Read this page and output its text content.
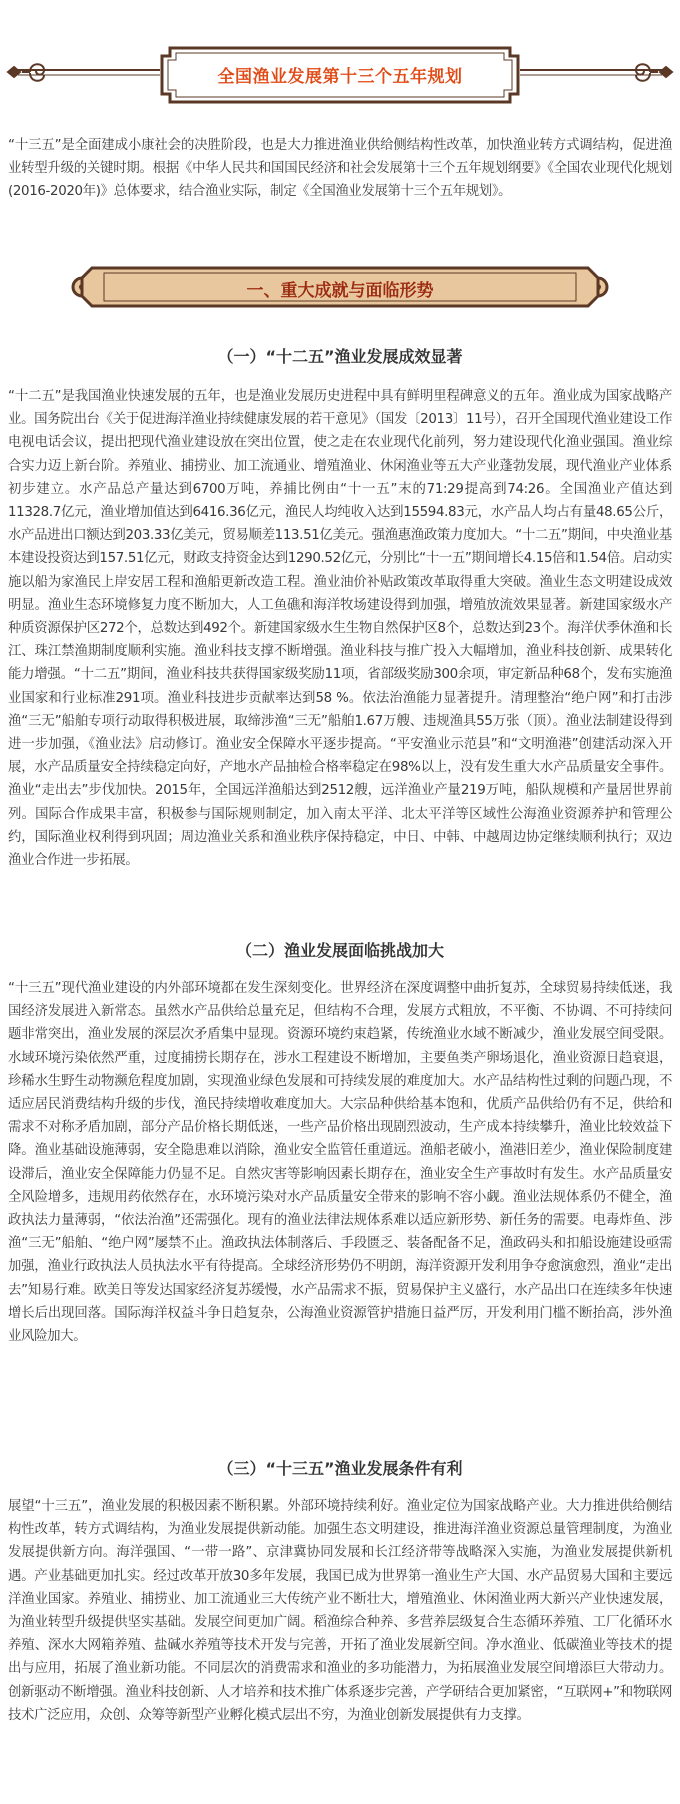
全国渔业发展第十三个五年规划

“十三五”是全面建成小康社会的决胜阶段，也是大力推进渔业供给侧结构性改革，加快渔业转方式调结构，促进渔业转型升级的关键时期。根据《中华人民共和国国民经济和社会发展第十三个五年规划纲要》《全国农业现代化规划(2016-2020年)》总体要求，结合渔业实际，制定《全国渔业发展第十三个五年规划》。

一、重大成就与面临形势
（一）“十二五”渔业发展成效显著

“十二五”是我国渔业快速发展的五年，也是渔业发展历史进程中具有鲜明里程碑意义的五年。渔业成为国家战略产业。国务院出台《关于促进海洋渔业持续健康发展的若干意见》（国发〔2013〕11号），召开全国现代渔业建设工作电视电话会议，提出把现代渔业建设放在突出位置，使之走在农业现代化前列，努力建设现代化渔业强国。渔业综合实力迈上新台阶。养殖业、捕捞业、加工流通业、增殖渔业、休闲渔业等五大产业蓬勃发展，现代渔业产业体系初步建立。水产品总产量达到6700万吨，养捕比例由“十一五”末的71:29提高到74:26。全国渔业产值达到11328.7亿元，渔业增加值达到6416.36亿元，渔民人均纯收入达到15594.83元，水产品人均占有量48.65公斤，水产品进出口额达到203.33亿美元，贸易顺差113.51亿美元。强渔惠渔政策力度加大。“十二五”期间，中央渔业基本建设投资达到157.51亿元，财政支持资金达到1290.52亿元，分别比“十一五”期间增长4.15倍和1.54倍。启动实施以船为家渔民上岸安居工程和渔船更新改造工程。渔业油价补贴政策改革取得重大突破。渔业生态文明建设成效明显。渔业生态环境修复力度不断加大，人工鱼礁和海洋牧场建设得到加强，增殖放流效果显著。新建国家级水产种质资源保护区272个，总数达到492个。新建国家级水生生物自然保护区8个，总数达到23个。海洋伏季休渔和长江、珠江禁渔期制度顺利实施。渔业科技支撑不断增强。渔业科技与推广投入大幅增加，渔业科技创新、成果转化能力增强。“十二五”期间，渔业科技共获得国家级奖励11项，省部级奖励300余项，审定新品种68个，发布实施渔业国家和行业标准291项。渔业科技进步贡献率达到58 %。依法治渔能力显著提升。清理整治“绝户网”和打击涉渔“三无”船舶专项行动取得积极进展，取缔涉渔“三无”船舶1.67万艘、违规渔具55万张（顶）。渔业法制建设得到进一步加强，《渔业法》启动修订。渔业安全保障水平逐步提高。“平安渔业示范县”和“文明渔港”创建活动深入开展，水产品质量安全持续稳定向好，产地水产品抽检合格率稳定在98%以上，没有发生重大水产品质量安全事件。渔业“走出去”步伐加快。2015年，全国远洋渔船达到2512艘，远洋渔业产量219万吨，船队规模和产量居世界前列。国际合作成果丰富，积极参与国际规则制定，加入南太平洋、北太平洋等区域性公海渔业资源养护和管理公约，国际渔业权利得到巩固；周边渔业关系和渔业秩序保持稳定，中日、中韩、中越周边协定继续顺利执行；双边渔业合作进一步拓展。

（二）渔业发展面临挑战加大

“十三五”现代渔业建设的内外部环境都在发生深刻变化。世界经济在深度调整中曲折复苏，全球贸易持续低迷，我国经济发展进入新常态。虽然水产品供给总量充足，但结构不合理，发展方式粗放，不平衡、不协调、不可持续问题非常突出，渔业发展的深层次矛盾集中显现。资源环境约束趋紧，传统渔业水域不断减少，渔业发展空间受限。水域环境污染依然严重，过度捕捞长期存在，涉水工程建设不断增加，主要鱼类产卵场退化，渔业资源日趋衰退，珍稀水生野生动物濒危程度加剧，实现渔业绿色发展和可持续发展的难度加大。水产品结构性过剩的问题凸现，不适应居民消费结构升级的步伐，渔民持续增收难度加大。大宗品种供给基本饱和，优质产品供给仍有不足，供给和需求不对称矛盾加剧，部分产品价格长期低迷，一些产品价格出现剧烈波动，生产成本持续攀升，渔业比较效益下降。渔业基础设施薄弱，安全隐患难以消除，渔业安全监管任重道远。渔船老破小，渔港旧差少，渔业保险制度建设滞后，渔业安全保障能力仍显不足。自然灾害等影响因素长期存在，渔业安全生产事故时有发生。水产品质量安全风险增多，违规用药依然存在，水环境污染对水产品质量安全带来的影响不容小觑。渔业法规体系仍不健全，渔政执法力量薄弱，“依法治渔”还需强化。现有的渔业法律法规体系难以适应新形势、新任务的需要。电毒炸鱼、涉渔“三无”船舶、“绝户网”屡禁不止。渔政执法体制落后、手段匮乏、装备配备不足，渔政码头和扣船设施建设亟需加强，渔业行政执法人员执法水平有待提高。全球经济形势仍不明朗，海洋资源开发利用争夺愈演愈烈，渔业“走出去”知易行难。欧美日等发达国家经济复苏缓慢，水产品需求不振，贸易保护主义盛行，水产品出口在连续多年快速增长后出现回落。国际海洋权益斗争日趋复杂，公海渔业资源管护措施日益严厉，开发利用门槛不断抬高，涉外渔业风险加大。

（三）“十三五”渔业发展条件有利

展望“十三五”，渔业发展的积极因素不断积累。外部环境持续利好。渔业定位为国家战略产业。大力推进供给侧结构性改革，转方式调结构，为渔业发展提供新动能。加强生态文明建设，推进海洋渔业资源总量管理制度，为渔业发展提供新方向。海洋强国、“一带一路”、京津冀协同发展和长江经济带等战略深入实施，为渔业发展提供新机遇。产业基础更加扎实。经过改革开放30多年发展，我国已成为世界第一渔业生产大国、水产品贸易大国和主要远洋渔业国家。养殖业、捕捞业、加工流通业三大传统产业不断壮大，增殖渔业、休闲渔业两大新兴产业快速发展，为渔业转型升级提供坚实基础。发展空间更加广阔。稻渔综合种养、多营养层级复合生态循环养殖、工厂化循环水养殖、深水大网箱养殖、盐碱水养殖等技术开发与完善，开拓了渔业发展新空间。净水渔业、低碳渔业等技术的提出与应用，拓展了渔业新功能。不同层次的消费需求和渔业的多功能潜力，为拓展渔业发展空间增添巨大带动力。创新驱动不断增强。渔业科技创新、人才培养和技术推广体系逐步完善，产学研结合更加紧密，“互联网+”和物联网技术广泛应用，众创、众筹等新型产业孵化模式层出不穷，为渔业创新发展提供有力支撑。
